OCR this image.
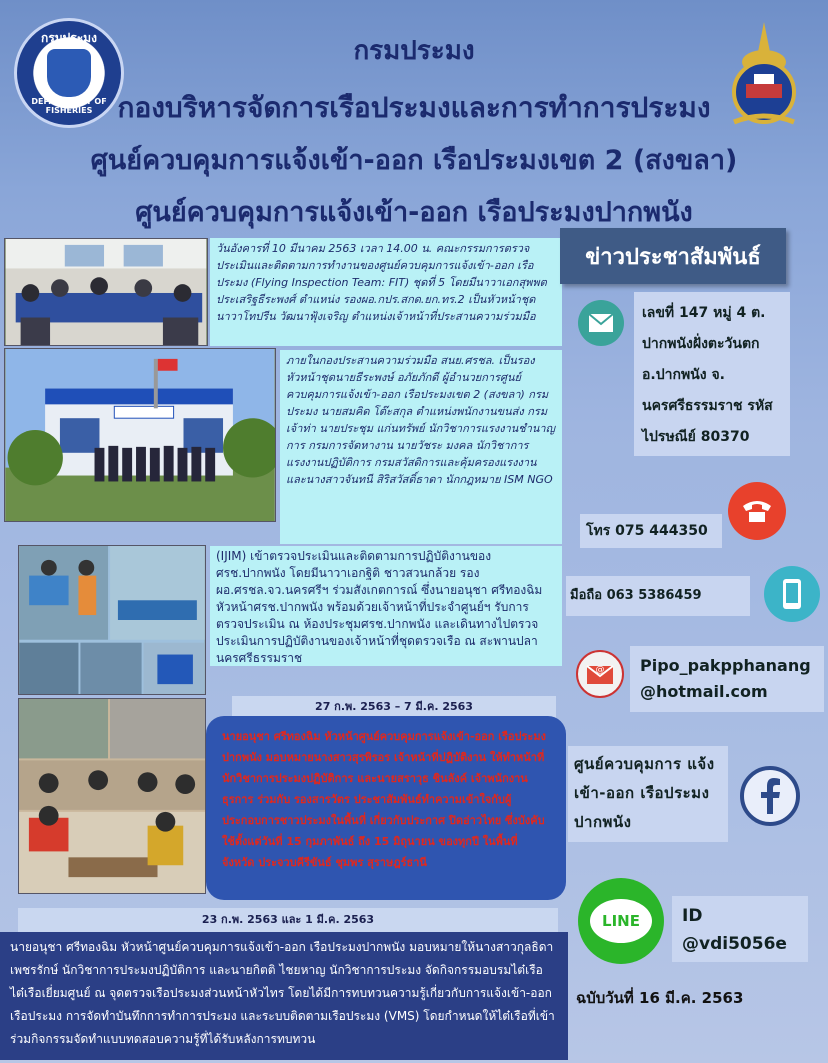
กรมประมง
DEPARTMENT OF FISHERIES
กรมประมง
กองบริหารจัดการเรือประมงและการทำการประมง
ศูนย์ควบคุมการแจ้งเข้า-ออก เรือประมงเขต 2 (สงขลา)
ศูนย์ควบคุมการแจ้งเข้า-ออก เรือประมงปากพนัง
วันอังคารที่ 10 มีนาคม 2563 เวลา 14.00 น. คณะกรรมการตรวจประเมินและติดตามการทำงานของศูนย์ควบคุมการแจ้งเข้า-ออก เรือประมง (Flying Inspection Team: FIT) ชุดที่ 5 โดยมีนาวาเอกสุพพตประเสริฐธีระพงศ์ ตำแหน่ง รองผอ.กปร.สกด.ยก.ทร.2 เป็นหัวหน้าชุด นาวาโทปรีน วัฒนาฟุ้งเจริญ ตำแหน่งเจ้าหน้าที่ประสานความร่วมมือ
ภายในกองประสานความร่วมมือ สนย.ศรชล. เป็นรองหัวหน้าชุดนายธีระพงษ์ อภัยภักดี ผู้อำนวยการศูนย์ควบคุมการแจ้งเข้า-ออก เรือประมงเขต 2 (สงขลา) กรมประมง นายสมคิด โต๊ะสกุล ตำแหน่งพนักงานขนส่ง กรมเจ้าท่า นายประชุม แก่นทรัพย์ นักวิชาการแรงงานชำนาญการ กรมการจัดหางาน นายวัชระ มงคล นักวิชาการแรงงานปฏิบัติการ กรมสวัสดิการและคุ้มครองแรงงาน และนางสาวจันทนี สิริสวัสดิ์ธาดา นักกฎหมาย ISM NGO
(IJIM) เข้าตรวจประเมินและติดตามการปฏิบัติงานของศรช.ปากพนัง โดยมีนาวาเอกฐิติ ชาวสวนกล้วย รองผอ.ศรชล.จว.นครศรีฯ ร่วมสังเกตการณ์ ซึ่งนายอนุชา ศรีทองฉิม หัวหน้าศรช.ปากพนัง พร้อมด้วยเจ้าหน้าที่ประจำศูนย์ฯ รับการตรวจประเมิน ณ ห้องประชุมศรช.ปากพนัง และเดินทางไปตรวจประเมินการปฏิบัติงานของเจ้าหน้าที่ชุดตรวจเรือ ณ สะพานปลานครศรีธรรมราช
ข่าวประชาสัมพันธ์
เลขที่ 147 หมู่ 4 ต. ปากพนังฝั่งตะวันตก อ.ปากพนัง จ. นครศรีธรรมราช รหัสไปรษณีย์ 80370
โทร 075 444350
มือถือ 063 5386459
@	Pipo_pakpphanang @hotmail.com
ศูนย์ควบคุมการ แจ้งเข้า-ออก เรือประมงปากพนัง
LINE	ID @vdi5056e
ฉบับวันที่ 16 มี.ค. 2563
27 ก.พ. 2563 – 7 มี.ค. 2563
นายอนุชา ศรีทองฉิม หัวหน้าศูนย์ควบคุมการแจ้งเข้า-ออก เรือประมงปากพนัง มอบหมายนางสาวสุรพิรอร เจ้าหน้าที่ปฏิบัติงาน ให้ทำหน้าที่นักวิชาการประมงปฏิบัติการ และนายสราวุธ ชินลังค์ เจ้าพนักงานธุรการ ร่วมกับ รองสารวัตร ประชาสัมพันธ์ทำความเข้าใจกับผู้ประกอบการชาวประมงในพื้นที่ เกี่ยวกับประกาศ ปิดอ่าวไทย ซึ่งบังคับใช้ตั้งแต่วันที่ 15 กุมภาพันธ์ ถึง 15 มิถุนายน ของทุกปี ในพื้นที่จังหวัด ประจวบคีรีขันธ์ ชุมพร สุราษฎร์ธานี
23 ก.พ. 2563 และ 1 มี.ค. 2563
นายอนุชา ศรีทองฉิม หัวหน้าศูนย์ควบคุมการแจ้งเข้า-ออก เรือประมงปากพนัง มอบหมายให้นางสาวกุลธิดา เพชรรักษ์ นักวิชาการประมงปฏิบัติการ และนายกิตติ ไชยหาญ นักวิชาการประมง จัดกิจกรรมอบรมไต๋เรือ ไต๋เรือเยี่ยมศูนย์ ณ จุดตรวจเรือประมงส่วนหน้าหัวไทร โดยได้มีการทบทวนความรู้เกี่ยวกับการแจ้งเข้า-ออก เรือประมง การจัดทำบันทึกการทำการประมง และระบบติดตามเรือประมง (VMS) โดยกำหนดให้ไต๋เรือที่เข้าร่วมกิจกรรมจัดทำแบบทดสอบความรู้ที่ได้รับหลังการทบทวน
